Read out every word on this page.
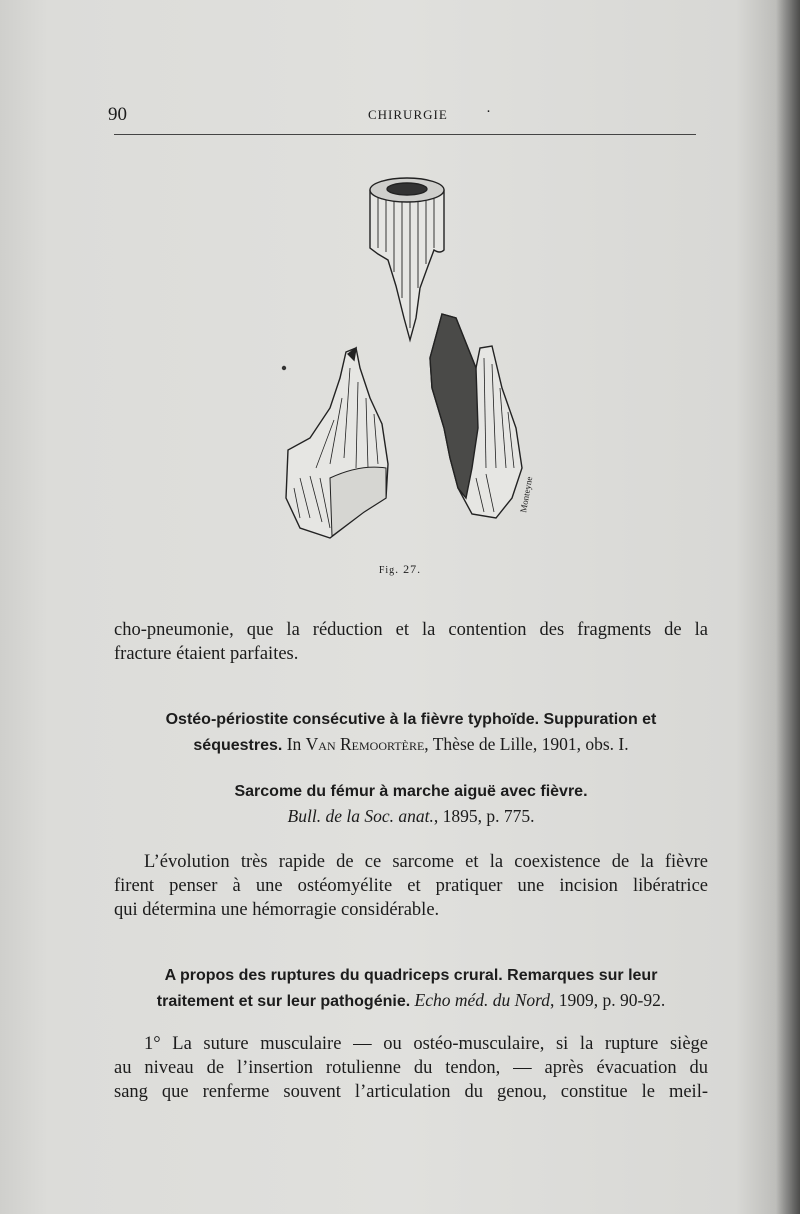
90	CHIRURGIE	·
Monteyne
Fig. 27.
cho-pneumonie, que la réduction et la contention des fragments de la
fracture étaient parfaites.
Ostéo-périostite consécutive à la fièvre typhoïde. Suppuration et
séquestres. In Van Remoortère, Thèse de Lille, 1901, obs. I.
Sarcome du fémur à marche aiguë avec fièvre.
Bull. de la Soc. anat., 1895, p. 775.
L’évolution très rapide de ce sarcome et la coexistence de la fièvre
firent penser à une ostéomyélite et pratiquer une incision libératrice
qui détermina une hémorragie considérable.
A propos des ruptures du quadriceps crural. Remarques sur leur
traitement et sur leur pathogénie. Echo méd. du Nord, 1909, p. 90-92.
1° La suture musculaire — ou ostéo-musculaire, si la rupture siège
au niveau de l’insertion rotulienne du tendon, — après évacuation du
sang que renferme souvent l’articulation du genou, constitue le meil-
